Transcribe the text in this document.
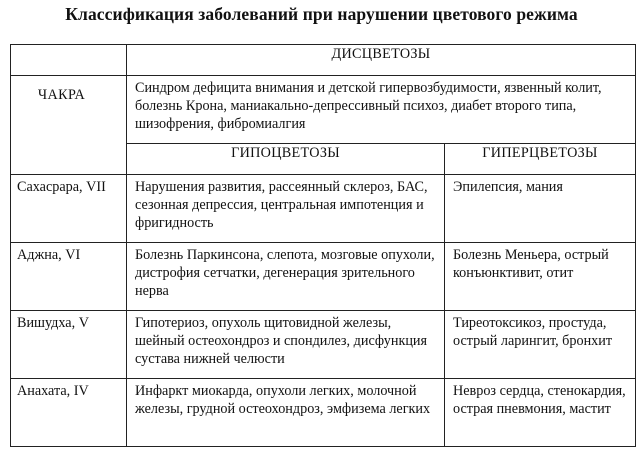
Классификация заболеваний при нарушении цветового режима
	ДИСЦВЕТОЗЫ	
ЧАКРА	Синдром дефицита внимания и детской гипервозбудимости, язвенный колит, болезнь Крона, маниакально-депрессивный психоз, диабет второго типа, шизофрения, фибромиалгия	
	ГИПОЦВЕТОЗЫ	ГИПЕРЦВЕТОЗЫ
Сахасрара, VII	Нарушения развития, рассеянный склероз, БАС, сезонная депрессия, центральная импотенция и фригидность	Эпилепсия, мания
Аджна, VI	Болезнь Паркинсона, слепота, мозговые опухоли, дистрофия сетчатки, дегенерация зрительного нерва	Болезнь Меньера, острый конъюнктивит, отит
Вишудха, V	Гипотериоз, опухоль щитовидной железы, шейный остеохондроз и спондилез, дисфункция сустава нижней челюсти	Тиреотоксикоз, простуда, острый ларингит, бронхит
Анахата, IV	Инфаркт миокарда, опухоли легких, молочной железы, грудной остеохондроз, эмфизема легких	Невроз сердца, стенокардия, острая пневмония, мастит
